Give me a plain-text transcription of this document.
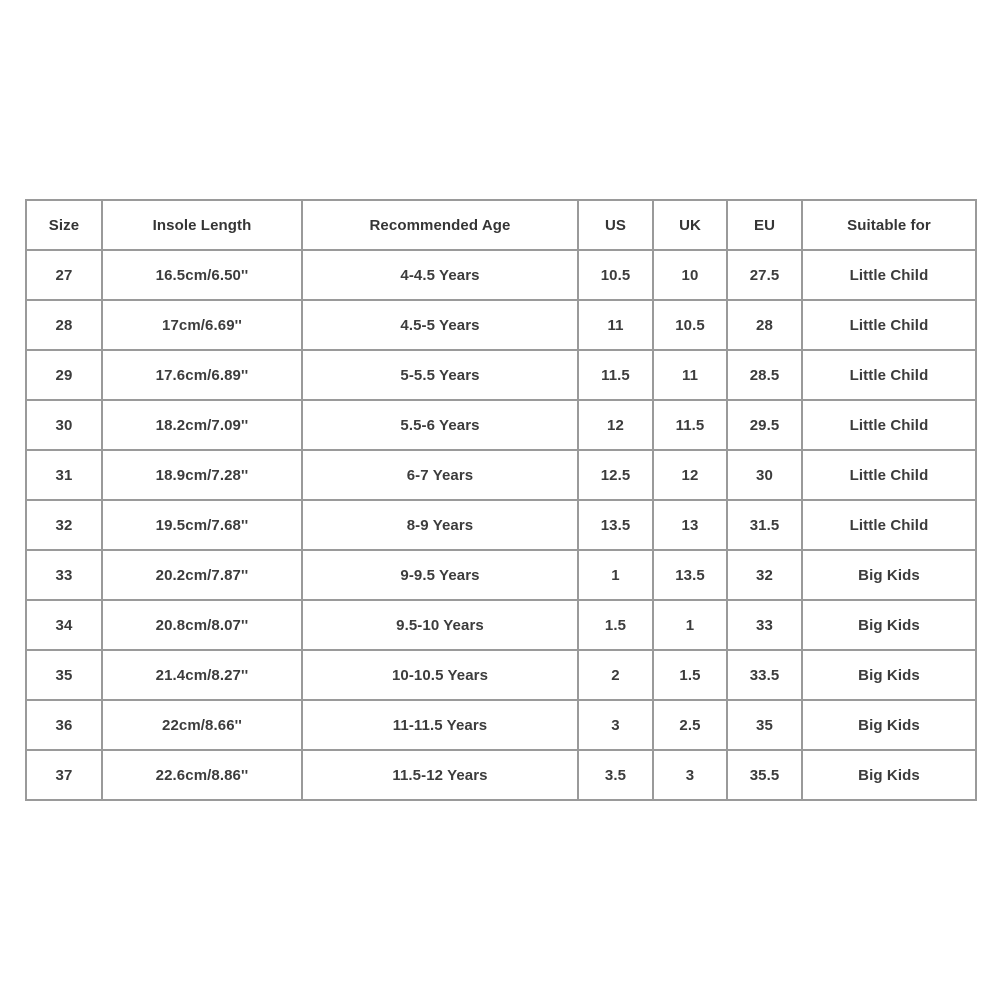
Size	Insole Length	Recommended Age	US	UK	EU	Suitable for
27	16.5cm/6.50''	4-4.5 Years	10.5	10	27.5	Little Child
28	17cm/6.69''	4.5-5 Years	11	10.5	28	Little Child
29	17.6cm/6.89''	5-5.5 Years	11.5	11	28.5	Little Child
30	18.2cm/7.09''	5.5-6 Years	12	11.5	29.5	Little Child
31	18.9cm/7.28''	6-7 Years	12.5	12	30	Little Child
32	19.5cm/7.68''	8-9 Years	13.5	13	31.5	Little Child
33	20.2cm/7.87''	9-9.5 Years	1	13.5	32	Big Kids
34	20.8cm/8.07''	9.5-10 Years	1.5	1	33	Big Kids
35	21.4cm/8.27''	10-10.5 Years	2	1.5	33.5	Big Kids
36	22cm/8.66''	11-11.5 Years	3	2.5	35	Big Kids
37	22.6cm/8.86''	11.5-12 Years	3.5	3	35.5	Big Kids
